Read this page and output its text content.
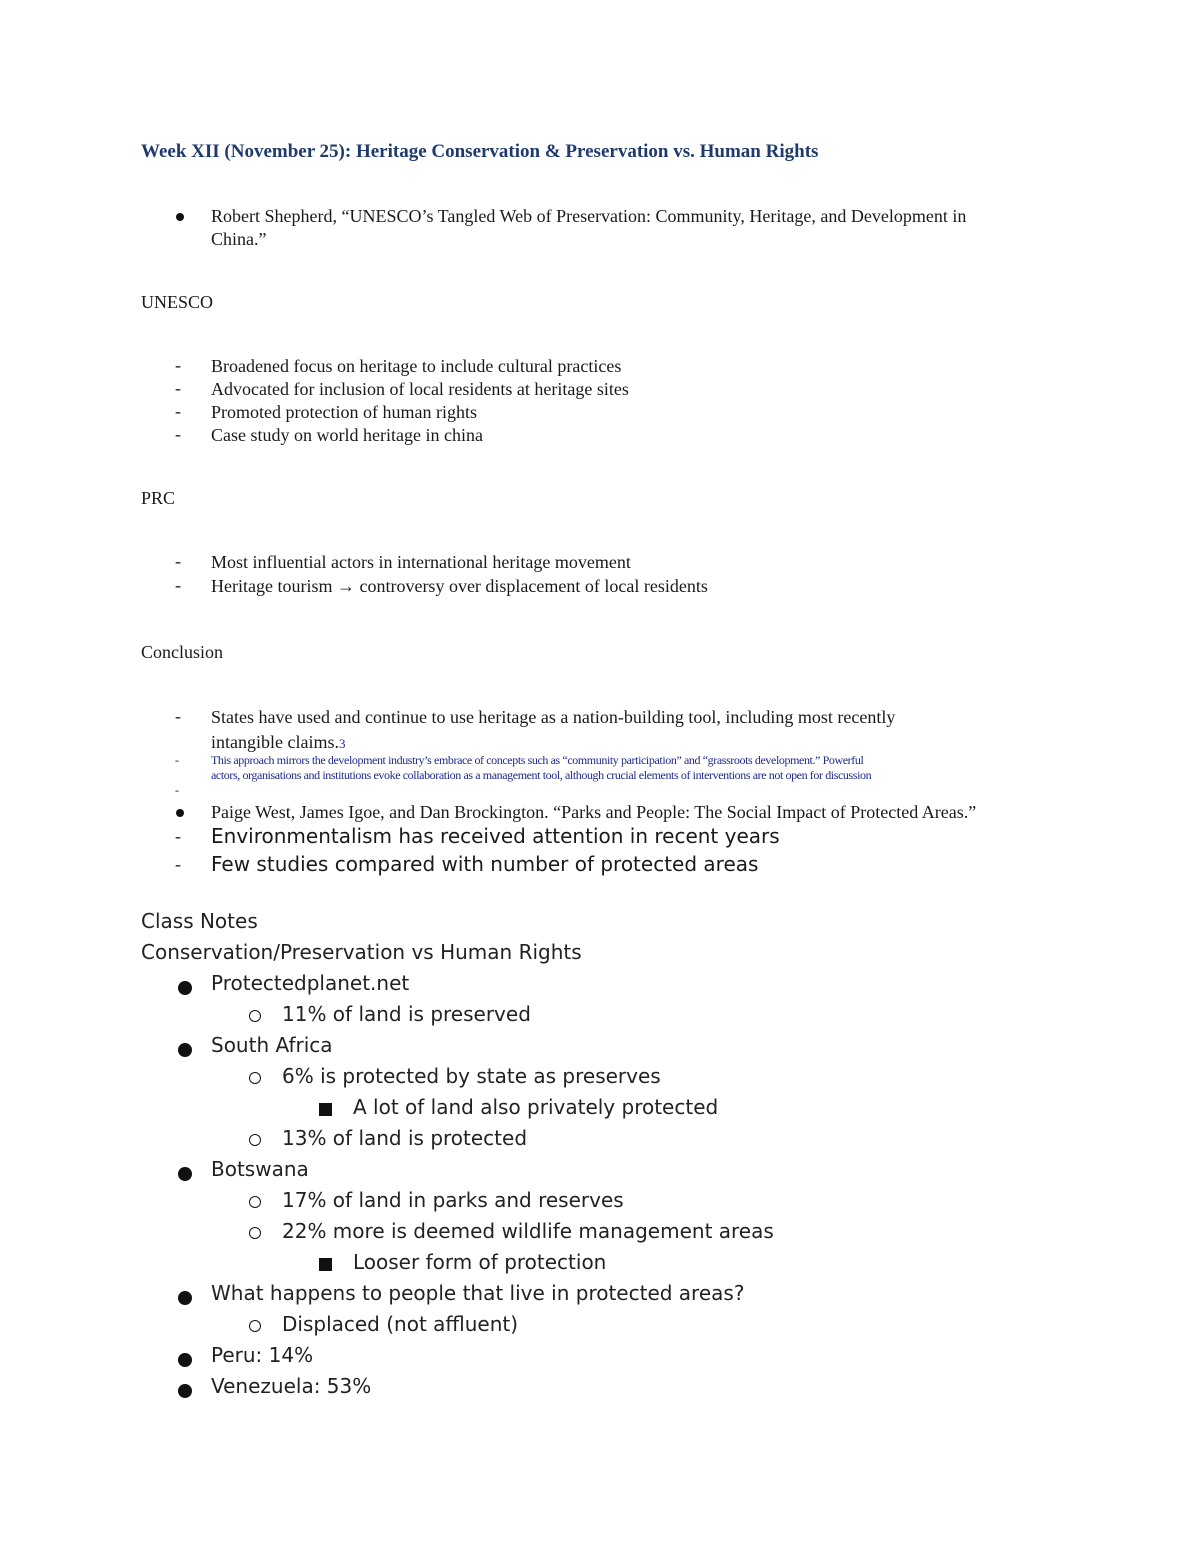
Week XII (November 25): Heritage Conservation & Preservation vs. Human Rights
Robert Shepherd, “UNESCO’s Tangled Web of Preservation: Community, Heritage, and Development in
China.”
UNESCO
- Broadened focus on heritage to include cultural practices
- Advocated for inclusion of local residents at heritage sites
- Promoted protection of human rights
- Case study on world heritage in china
PRC
- Most influential actors in international heritage movement
- Heritage tourism → controversy over displacement of local residents
Conclusion
- States have used and continue to use heritage as a nation-building tool, including most recently
intangible claims.3
-	This approach mirrors the development industry’s embrace of concepts such as “community participation” and “grassroots development.” Powerful
actors, organisations and institutions evoke collaboration as a management tool, although crucial elements of interventions are not open for discussion
-
Paige West, James Igoe, and Dan Brockington. “Parks and People: The Social Impact of Protected Areas.”
- Environmentalism has received attention in recent years
- Few studies compared with number of protected areas
Class Notes
Conservation/Preservation vs Human Rights
Protectedplanet.net
11% of land is preserved
South Africa
6% is protected by state as preserves
A lot of land also privately protected
13% of land is protected
Botswana
17% of land in parks and reserves
22% more is deemed wildlife management areas
Looser form of protection
What happens to people that live in protected areas?
Displaced (not affluent)
Peru: 14%
Venezuela: 53%
